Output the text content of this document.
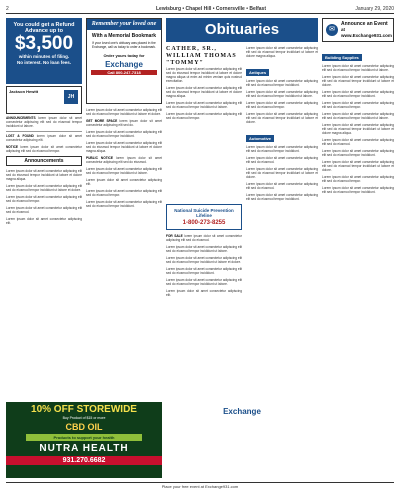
2	Lewisburg • Chapel Hill • Cornersville • Belfast	January 29, 2020
You could get a Refund Advance up to
$3,500
within minutes of filing.
No interest. No loan fees.
JH
Jackson Hewitt
ANNOUNCEMENTS lorem ipsum dolor sit amet consectetur adipiscing elit sed do eiusmod tempor incididunt ut labore.
LOST & FOUND lorem ipsum dolor sit amet consectetur adipiscing elit.
NOTICE lorem ipsum dolor sit amet consectetur adipiscing elit sed do eiusmod tempor.
Announcements
Lorem ipsum dolor sit amet consectetur adipiscing elit sed do eiusmod tempor incididunt ut labore et dolore magna aliqua.
Lorem ipsum dolor sit amet consectetur adipiscing elit sed do eiusmod tempor incididunt ut labore et dolore.
Lorem ipsum dolor sit amet consectetur adipiscing elit sed do eiusmod tempor.
Lorem ipsum dolor sit amet consectetur adipiscing elit sed do eiusmod.
Lorem ipsum dolor sit amet consectetur adipiscing elit.
Remember your loved one
With a Memorial Bookmark
If your loved one's obituary was placed in the Exchange, call us today to order a bookmark.
Order yours today for
Exchange
Call 800-247-7318
Lorem ipsum dolor sit amet consectetur adipiscing elit sed do eiusmod tempor incididunt ut labore et dolore.
GET MORE SPACE lorem ipsum dolor sit amet consectetur adipiscing elit sed do.
Lorem ipsum dolor sit amet consectetur adipiscing elit sed do eiusmod tempor incididunt.
Lorem ipsum dolor sit amet consectetur adipiscing elit sed do eiusmod tempor incididunt ut labore et dolore magna aliqua.
PUBLIC NOTICE lorem ipsum dolor sit amet consectetur adipiscing elit sed do eiusmod.
Lorem ipsum dolor sit amet consectetur adipiscing elit sed do eiusmod tempor incididunt ut labore.
Lorem ipsum dolor sit amet consectetur adipiscing elit.
Lorem ipsum dolor sit amet consectetur adipiscing elit sed do eiusmod tempor.
Lorem ipsum dolor sit amet consectetur adipiscing elit sed do eiusmod tempor incididunt.
Obituaries
CATHER, SR., WILLIAM THOMAS "TOMMY"
Lorem ipsum dolor sit amet consectetur adipiscing elit sed do eiusmod tempor incididunt ut labore et dolore magna aliqua ut enim ad minim veniam quis nostrud exercitation.
Lorem ipsum dolor sit amet consectetur adipiscing elit sed do eiusmod tempor incididunt ut labore et dolore magna aliqua.
Lorem ipsum dolor sit amet consectetur adipiscing elit sed do eiusmod tempor incididunt ut labore.
Lorem ipsum dolor sit amet consectetur adipiscing elit sed do eiusmod tempor.
National Suicide Prevention Lifeline
1-800-273-8255
FOR SALE lorem ipsum dolor sit amet consectetur adipiscing elit sed do eiusmod.
Lorem ipsum dolor sit amet consectetur adipiscing elit sed do eiusmod tempor incididunt ut labore.
Lorem ipsum dolor sit amet consectetur adipiscing elit sed do eiusmod tempor incididunt ut labore et dolore.
Lorem ipsum dolor sit amet consectetur adipiscing elit sed do eiusmod tempor incididunt.
Lorem ipsum dolor sit amet consectetur adipiscing elit sed do eiusmod tempor incididunt ut labore.
Lorem ipsum dolor sit amet consectetur adipiscing elit.
Lorem ipsum dolor sit amet consectetur adipiscing elit sed do eiusmod tempor incididunt ut labore et dolore magna aliqua.
Antiques
Lorem ipsum dolor sit amet consectetur adipiscing elit sed do eiusmod tempor incididunt.
Lorem ipsum dolor sit amet consectetur adipiscing elit sed do eiusmod tempor incididunt ut labore.
Lorem ipsum dolor sit amet consectetur adipiscing elit sed do eiusmod tempor.
Lorem ipsum dolor sit amet consectetur adipiscing elit sed do eiusmod tempor incididunt ut labore et dolore.
Automotive
Lorem ipsum dolor sit amet consectetur adipiscing elit sed do eiusmod tempor incididunt.
Lorem ipsum dolor sit amet consectetur adipiscing elit sed do eiusmod.
Lorem ipsum dolor sit amet consectetur adipiscing elit sed do eiusmod tempor incididunt ut labore et dolore.
Lorem ipsum dolor sit amet consectetur adipiscing elit sed do eiusmod.
Lorem ipsum dolor sit amet consectetur adipiscing elit sed do eiusmod tempor incididunt.
✉
Announce an Event
at www.Exchange931.com
Building Supplies
Lorem ipsum dolor sit amet consectetur adipiscing elit sed do eiusmod tempor incididunt ut labore.
Lorem ipsum dolor sit amet consectetur adipiscing elit sed do eiusmod tempor incididunt ut labore et dolore.
Lorem ipsum dolor sit amet consectetur adipiscing elit sed do eiusmod tempor incididunt.
Lorem ipsum dolor sit amet consectetur adipiscing elit sed do eiusmod tempor.
Lorem ipsum dolor sit amet consectetur adipiscing elit sed do eiusmod tempor incididunt ut labore.
Lorem ipsum dolor sit amet consectetur adipiscing elit sed do eiusmod tempor incididunt ut labore et dolore magna aliqua.
Lorem ipsum dolor sit amet consectetur adipiscing elit sed do eiusmod.
Lorem ipsum dolor sit amet consectetur adipiscing elit sed do eiusmod tempor incididunt.
Lorem ipsum dolor sit amet consectetur adipiscing elit sed do eiusmod tempor incididunt ut labore et dolore.
Lorem ipsum dolor sit amet consectetur adipiscing elit sed do eiusmod tempor.
Lorem ipsum dolor sit amet consectetur adipiscing elit sed do eiusmod tempor incididunt.
10% OFF STOREWIDE
Buy Product of $15 or more
CBD OIL
Products to support your health
NUTRA HEALTH
931.270.6682
Exchange
Place your free event at Exchange931.com
